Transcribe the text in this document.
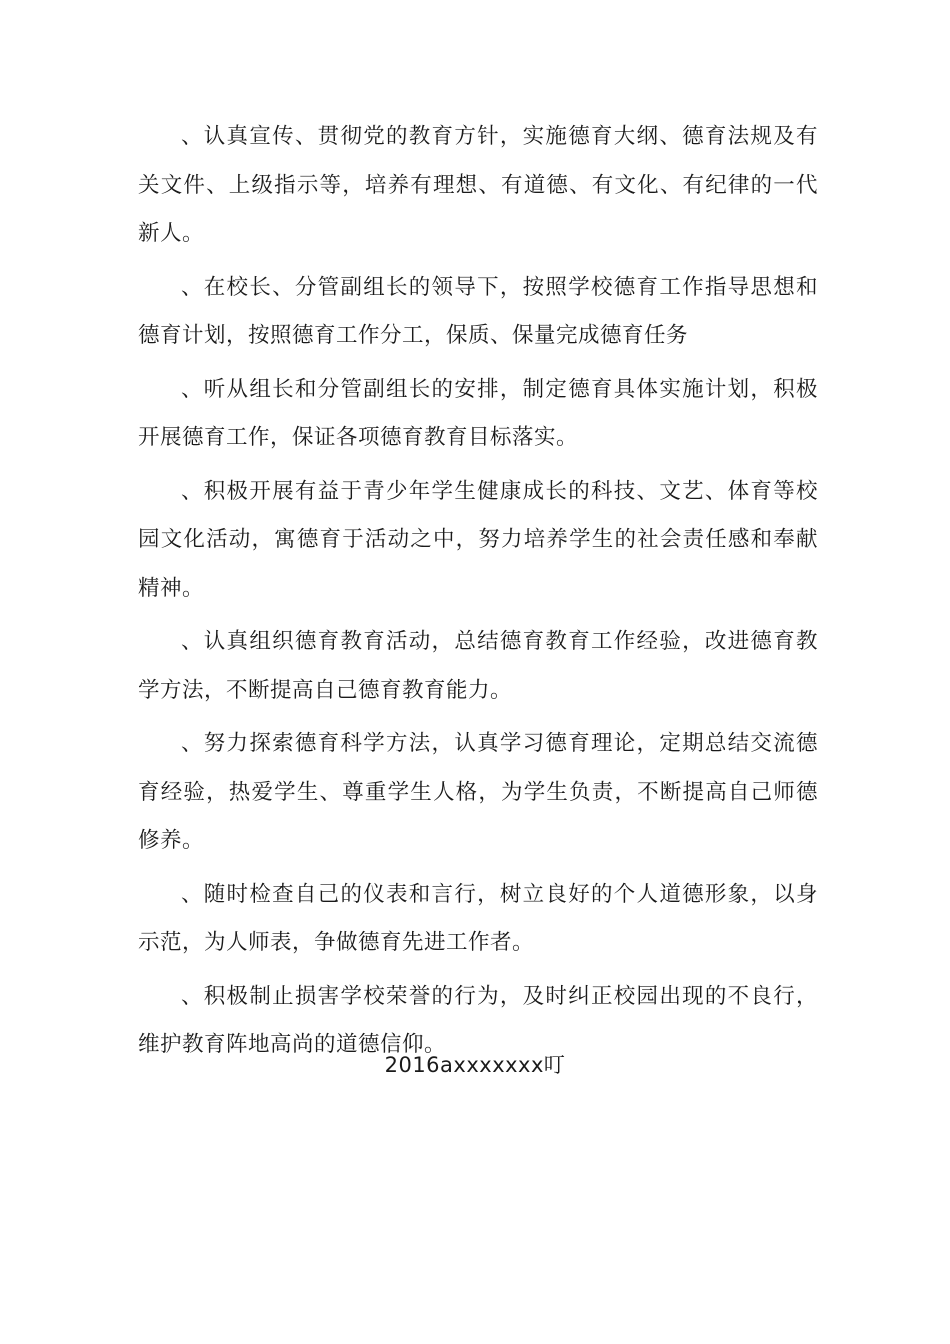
、认真宣传、贯彻党的教育方针，实施德育大纲、德育法规及有关文件、上级指示等，培养有理想、有道德、有文化、有纪律的一代新人。

、在校长、分管副组长的领导下，按照学校德育工作指导思想和德育计划，按照德育工作分工，保质、保量完成德育任务

、听从组长和分管副组长的安排，制定德育具体实施计划，积极开展德育工作，保证各项德育教育目标落实。

、积极开展有益于青少年学生健康成长的科技、文艺、体育等校园文化活动，寓德育于活动之中，努力培养学生的社会责任感和奉献精神。

、认真组织德育教育活动，总结德育教育工作经验，改进德育教学方法，不断提高自己德育教育能力。

、努力探索德育科学方法，认真学习德育理论，定期总结交流德育经验，热爱学生、尊重学生人格，为学生负责，不断提高自己师德修养。

、随时检查自己的仪表和言行，树立良好的个人道德形象，以身示范，为人师表，争做德育先进工作者。

、积极制止损害学校荣誉的行为，及时纠正校园出现的不良行，维护教育阵地高尚的道德信仰。

2016axxxxxxx叮
